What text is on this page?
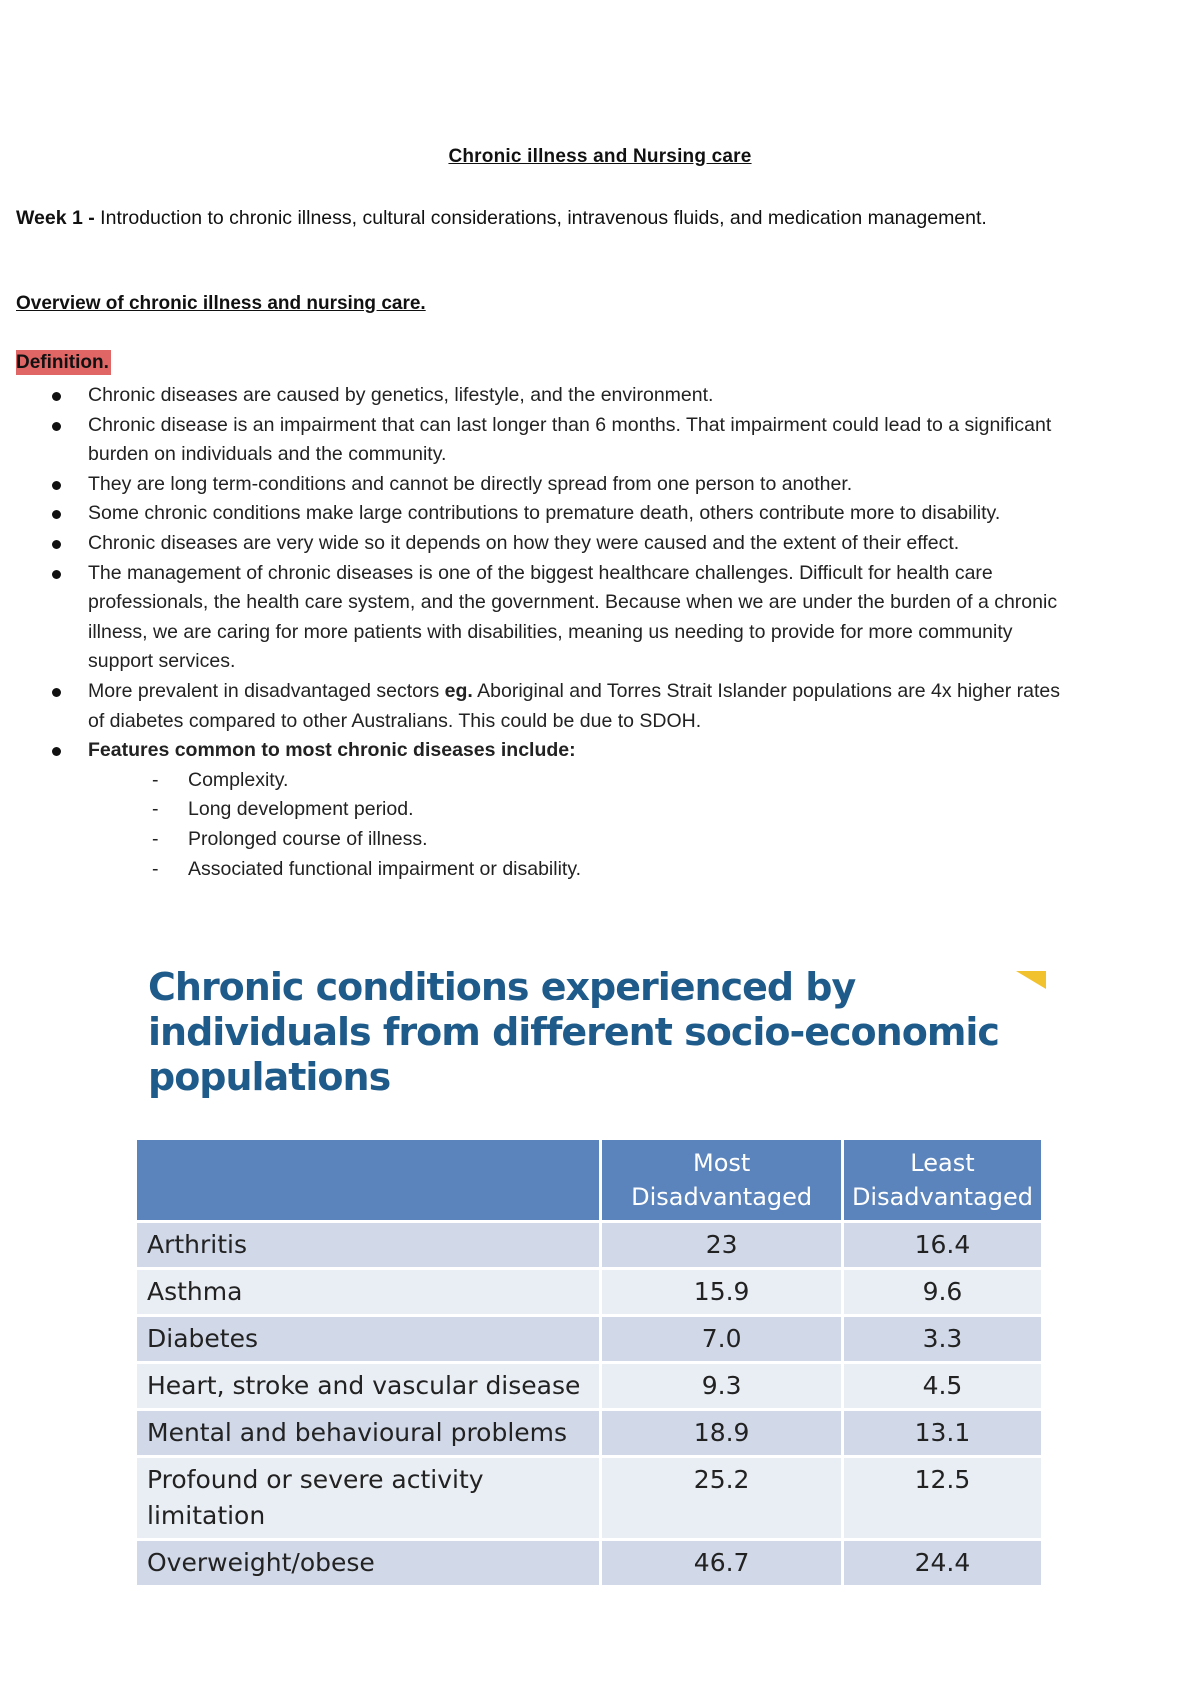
Chronic illness and Nursing care
Week 1 - Introduction to chronic illness, cultural considerations, intravenous fluids, and medication management.
Overview of chronic illness and nursing care.
Definition.
Chronic diseases are caused by genetics, lifestyle, and the environment.
Chronic disease is an impairment that can last longer than 6 months. That impairment could lead to a significant burden on individuals and the community.
They are long term-conditions and cannot be directly spread from one person to another.
Some chronic conditions make large contributions to premature death, others contribute more to disability.
Chronic diseases are very wide so it depends on how they were caused and the extent of their effect.
The management of chronic diseases is one of the biggest healthcare challenges. Difficult for health care professionals, the health care system, and the government. Because when we are under the burden of a chronic illness, we are caring for more patients with disabilities, meaning us needing to provide for more community support services.
More prevalent in disadvantaged sectors eg. Aboriginal and Torres Strait Islander populations are 4x higher rates of diabetes compared to other Australians. This could be due to SDOH.
Features common to most chronic diseases include:
- Complexity.
- Long development period.
- Prolonged course of illness.
- Associated functional impairment or disability.
Chronic conditions experienced by individuals from different socio-economic populations
	Most Disadvantaged	Least Disadvantaged
Arthritis	23	16.4
Asthma	15.9	9.6
Diabetes	7.0	3.3
Heart, stroke and vascular disease	9.3	4.5
Mental and behavioural problems	18.9	13.1
Profound or severe activity limitation	25.2	12.5
Overweight/obese	46.7	24.4
